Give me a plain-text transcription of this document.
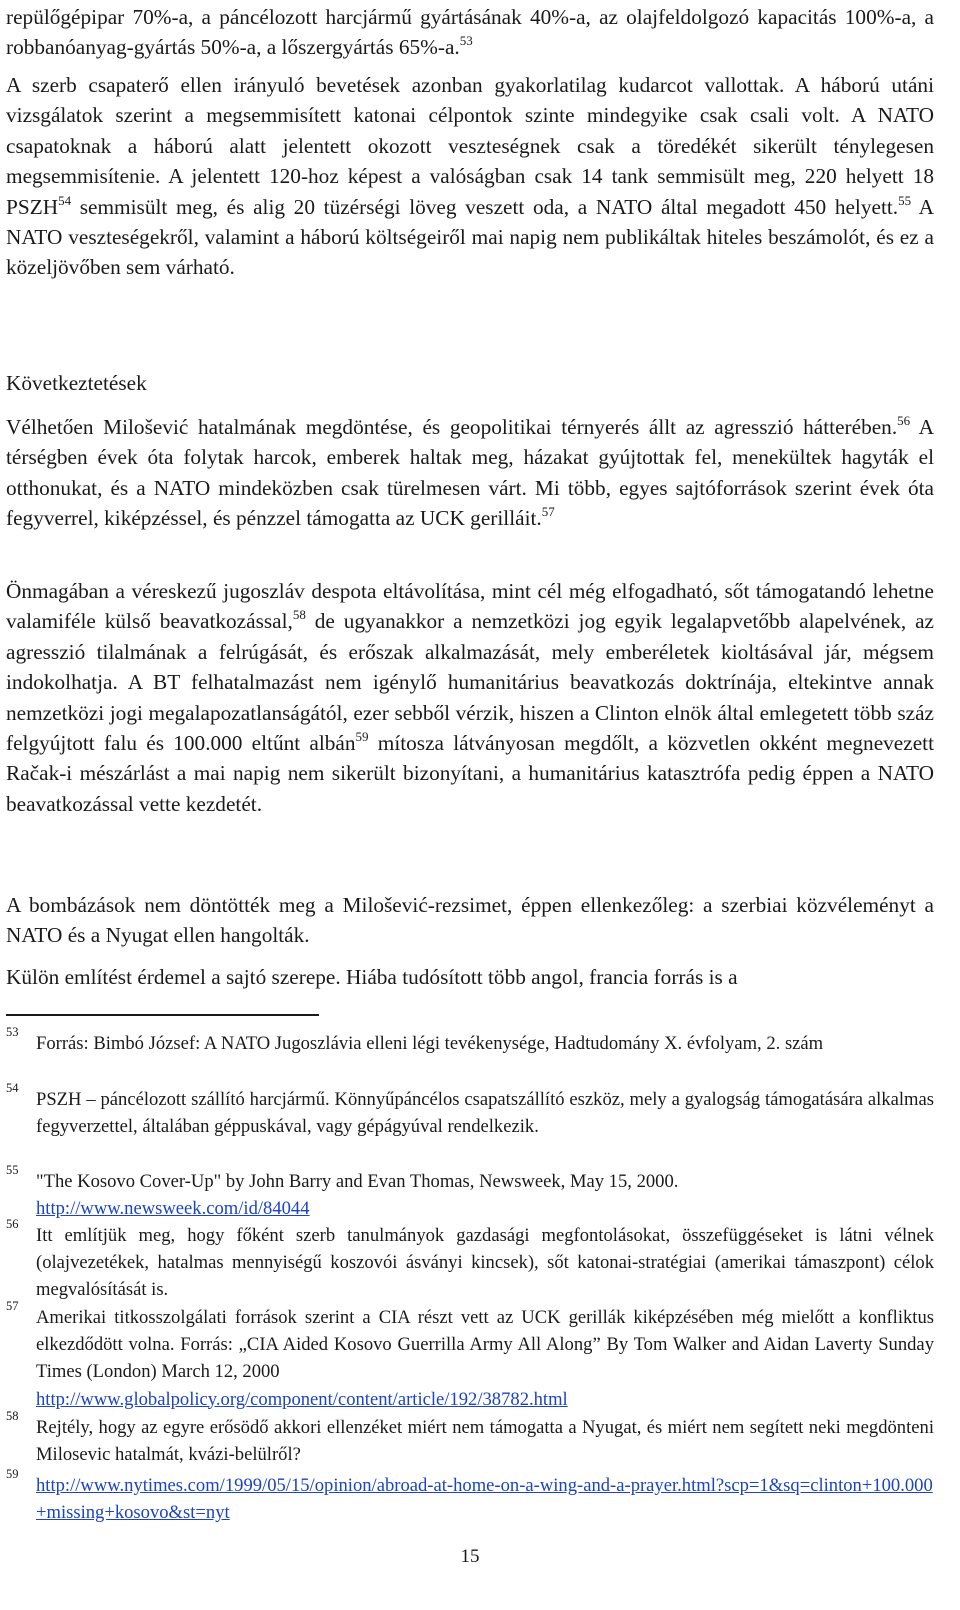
repülőgépipar 70%-a, a páncélozott harcjármű gyártásának 40%-a, az olajfeldolgozó kapacitás 100%-a, a robbanóanyag-gyártás 50%-a, a lőszergyártás 65%-a.$^{53}$

A szerb csapaterő ellen irányuló bevetések azonban gyakorlatilag kudarcot vallottak. A háború utáni vizsgálatok szerint a megsemmisített katonai célpontok szinte mindegyike csak csali volt. A NATO csapatoknak a háború alatt jelentett okozott veszteségnek csak a töredékét sikerült ténylegesen megsemmisítenie. A jelentett 120-hoz képest a valóságban csak 14 tank semmisült meg, 220 helyett 18 PSZH$^{54}$ semmisült meg, és alig 20 tüzérségi löveg veszett oda, a NATO által megadott 450 helyett.$^{55}$ A NATO veszteségekről, valamint a háború költségeiről mai napig nem publikáltak hiteles beszámolót, és ez a közeljövőben sem várható.

Következtetések

Vélhetően Milošević hatalmának megdöntése, és geopolitikai térnyerés állt az agresszió hátterében.$^{56}$ A térségben évek óta folytak harcok, emberek haltak meg, házakat gyújtottak fel, menekültek hagyták el otthonukat, és a NATO mindeközben csak türelmesen várt. Mi több, egyes sajtóforrások szerint évek óta fegyverrel, kiképzéssel, és pénzzel támogatta az UCK gerilláit.$^{57}$

Önmagában a véreskezű jugoszláv despota eltávolítása, mint cél még elfogadható, sőt támogatandó lehetne valamiféle külső beavatkozással,$^{58}$ de ugyanakkor a nemzetközi jog egyik legalapvetőbb alapelvének, az agresszió tilalmának a felrúgását, és erőszak alkalmazását, mely emberéletek kioltásával jár, mégsem indokolhatja. A BT felhatalmazást nem igénylő humanitárius beavatkozás doktrínája, eltekintve annak nemzetközi jogi megalapozatlanságától, ezer sebből vérzik, hiszen a Clinton elnök által emlegetett több száz felgyújtott falu és 100.000 eltűnt albán$^{59}$ mítosza látványosan megdőlt, a közvetlen okként megnevezett Račak-i mészárlást a mai napig nem sikerült bizonyítani, a humanitárius katasztrófa pedig éppen a NATO beavatkozással vette kezdetét.

A bombázások nem döntötték meg a Milošević-rezsimet, éppen ellenkezőleg: a szerbiai közvéleményt a NATO és a Nyugat ellen hangolták.

Külön említést érdemel a sajtó szerepe. Hiába tudósított több angol, francia forrás is a

53
Forrás: Bimbó József: A NATO Jugoszlávia elleni légi tevékenysége, Hadtudomány X. évfolyam, 2. szám
54
PSZH – páncélozott szállító harcjármű. Könnyűpáncélos csapatszállító eszköz, mely a gyalogság támogatására alkalmas fegyverzettel, általában géppuskával, vagy gépágyúval rendelkezik.
55
"The Kosovo Cover-Up" by John Barry and Evan Thomas, Newsweek, May 15, 2000.
http://www.newsweek.com/id/84044
56
Itt említjük meg, hogy főként szerb tanulmányok gazdasági megfontolásokat, összefüggéseket is látni vélnek (olajvezetékek, hatalmas mennyiségű koszovói ásványi kincsek), sőt katonai-stratégiai (amerikai támaszpont) célok megvalósítását is.
57
Amerikai titkosszolgálati források szerint a CIA részt vett az UCK gerillák kiképzésében még mielőtt a konfliktus elkezdődött volna. Forrás: „CIA Aided Kosovo Guerrilla Army All Along” By Tom Walker and Aidan Laverty Sunday Times (London) March 12, 2000
http://www.globalpolicy.org/component/content/article/192/38782.html
58
Rejtély, hogy az egyre erősödő akkori ellenzéket miért nem támogatta a Nyugat, és miért nem segített neki megdönteni Milosevic hatalmát, kvázi-belülről?
59
http://www.nytimes.com/1999/05/15/opinion/abroad-at-home-on-a-wing-and-a-prayer.html?scp=1&sq=clinton+100.000+missing+kosovo&st=nyt
15
